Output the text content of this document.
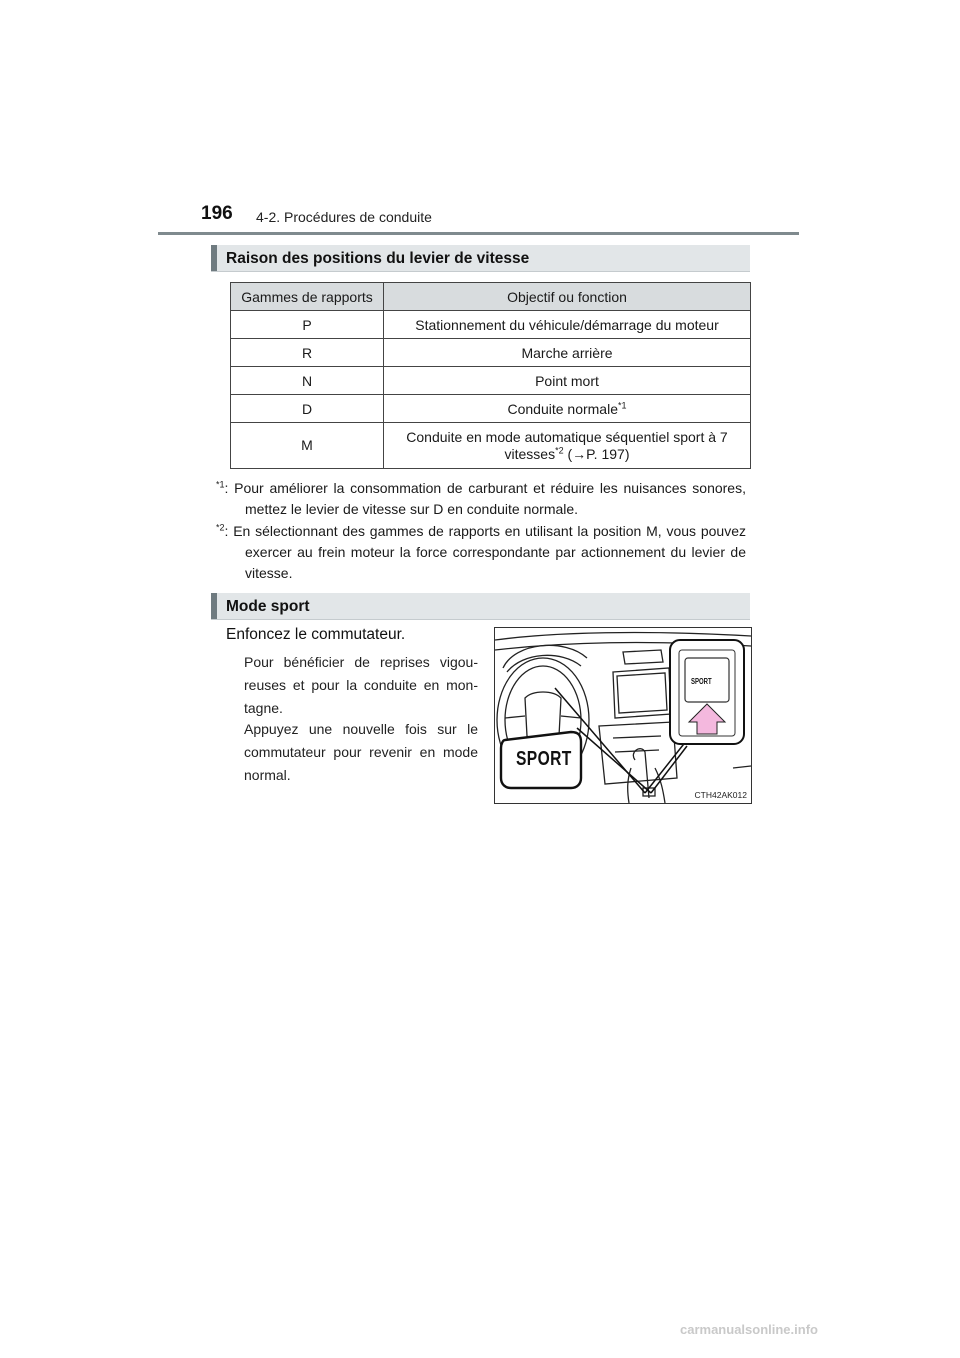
196 4-2. Procédures de conduite
Raison des positions du levier de vitesse
Gammes de rapports	Objectif ou fonction
P	Stationnement du véhicule/démarrage du moteur
R	Marche arrière
N	Point mort
D	Conduite normale$^{*1}$
M	Conduite en mode automatique séquentiel sport à 7
vitesses$^{*2}$ (→P. 197)
$^{*1}$: Pour améliorer la consommation de carburant et réduire les nuisances sonores, mettez le levier de vitesse sur D en conduite normale.
$^{*2}$: En sélectionnant des gammes de rapports en utilisant la position M, vous pouvez exercer au frein moteur la force correspondante par actionnement du levier de vitesse.
Mode sport
Enfoncez le commutateur.
Pour bénéficier de reprises vigou-reuses et pour la conduite en mon-tagne.
Appuyez une nouvelle fois sur le commutateur pour revenir en mode normal.
SPORT
SPORT
CTH42AK012
carmanualsonline.info
